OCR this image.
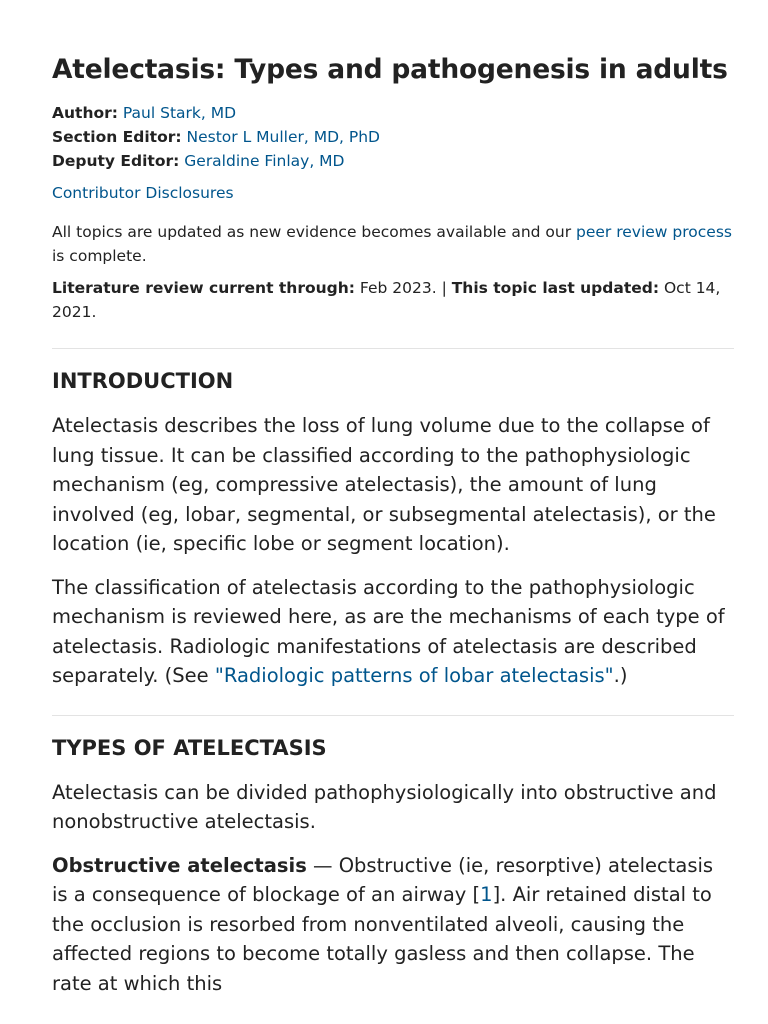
Atelectasis: Types and pathogenesis in adults
Author: Paul Stark, MD
Section Editor: Nestor L Muller, MD, PhD
Deputy Editor: Geraldine Finlay, MD
Contributor Disclosures
All topics are updated as new evidence becomes available and our peer review process is complete.
Literature review current through: Feb 2023. | This topic last updated: Oct 14, 2021.
INTRODUCTION

Atelectasis describes the loss of lung volume due to the collapse of lung tissue. It can be classified according to the pathophysiologic mechanism (eg, compressive atelectasis), the amount of lung involved (eg, lobar, segmental, or subsegmental atelectasis), or the location (ie, specific lobe or segment location).

The classification of atelectasis according to the pathophysiologic mechanism is reviewed here, as are the mechanisms of each type of atelectasis. Radiologic manifestations of atelectasis are described separately. (See "Radiologic patterns of lobar atelectasis".)

TYPES OF ATELECTASIS

Atelectasis can be divided pathophysiologically into obstructive and nonobstructive atelectasis.

Obstructive atelectasis — Obstructive (ie, resorptive) atelectasis is a consequence of blockage of an airway [1]. Air retained distal to the occlusion is resorbed from nonventilated alveoli, causing the affected regions to become totally gasless and then collapse. The rate at which this
